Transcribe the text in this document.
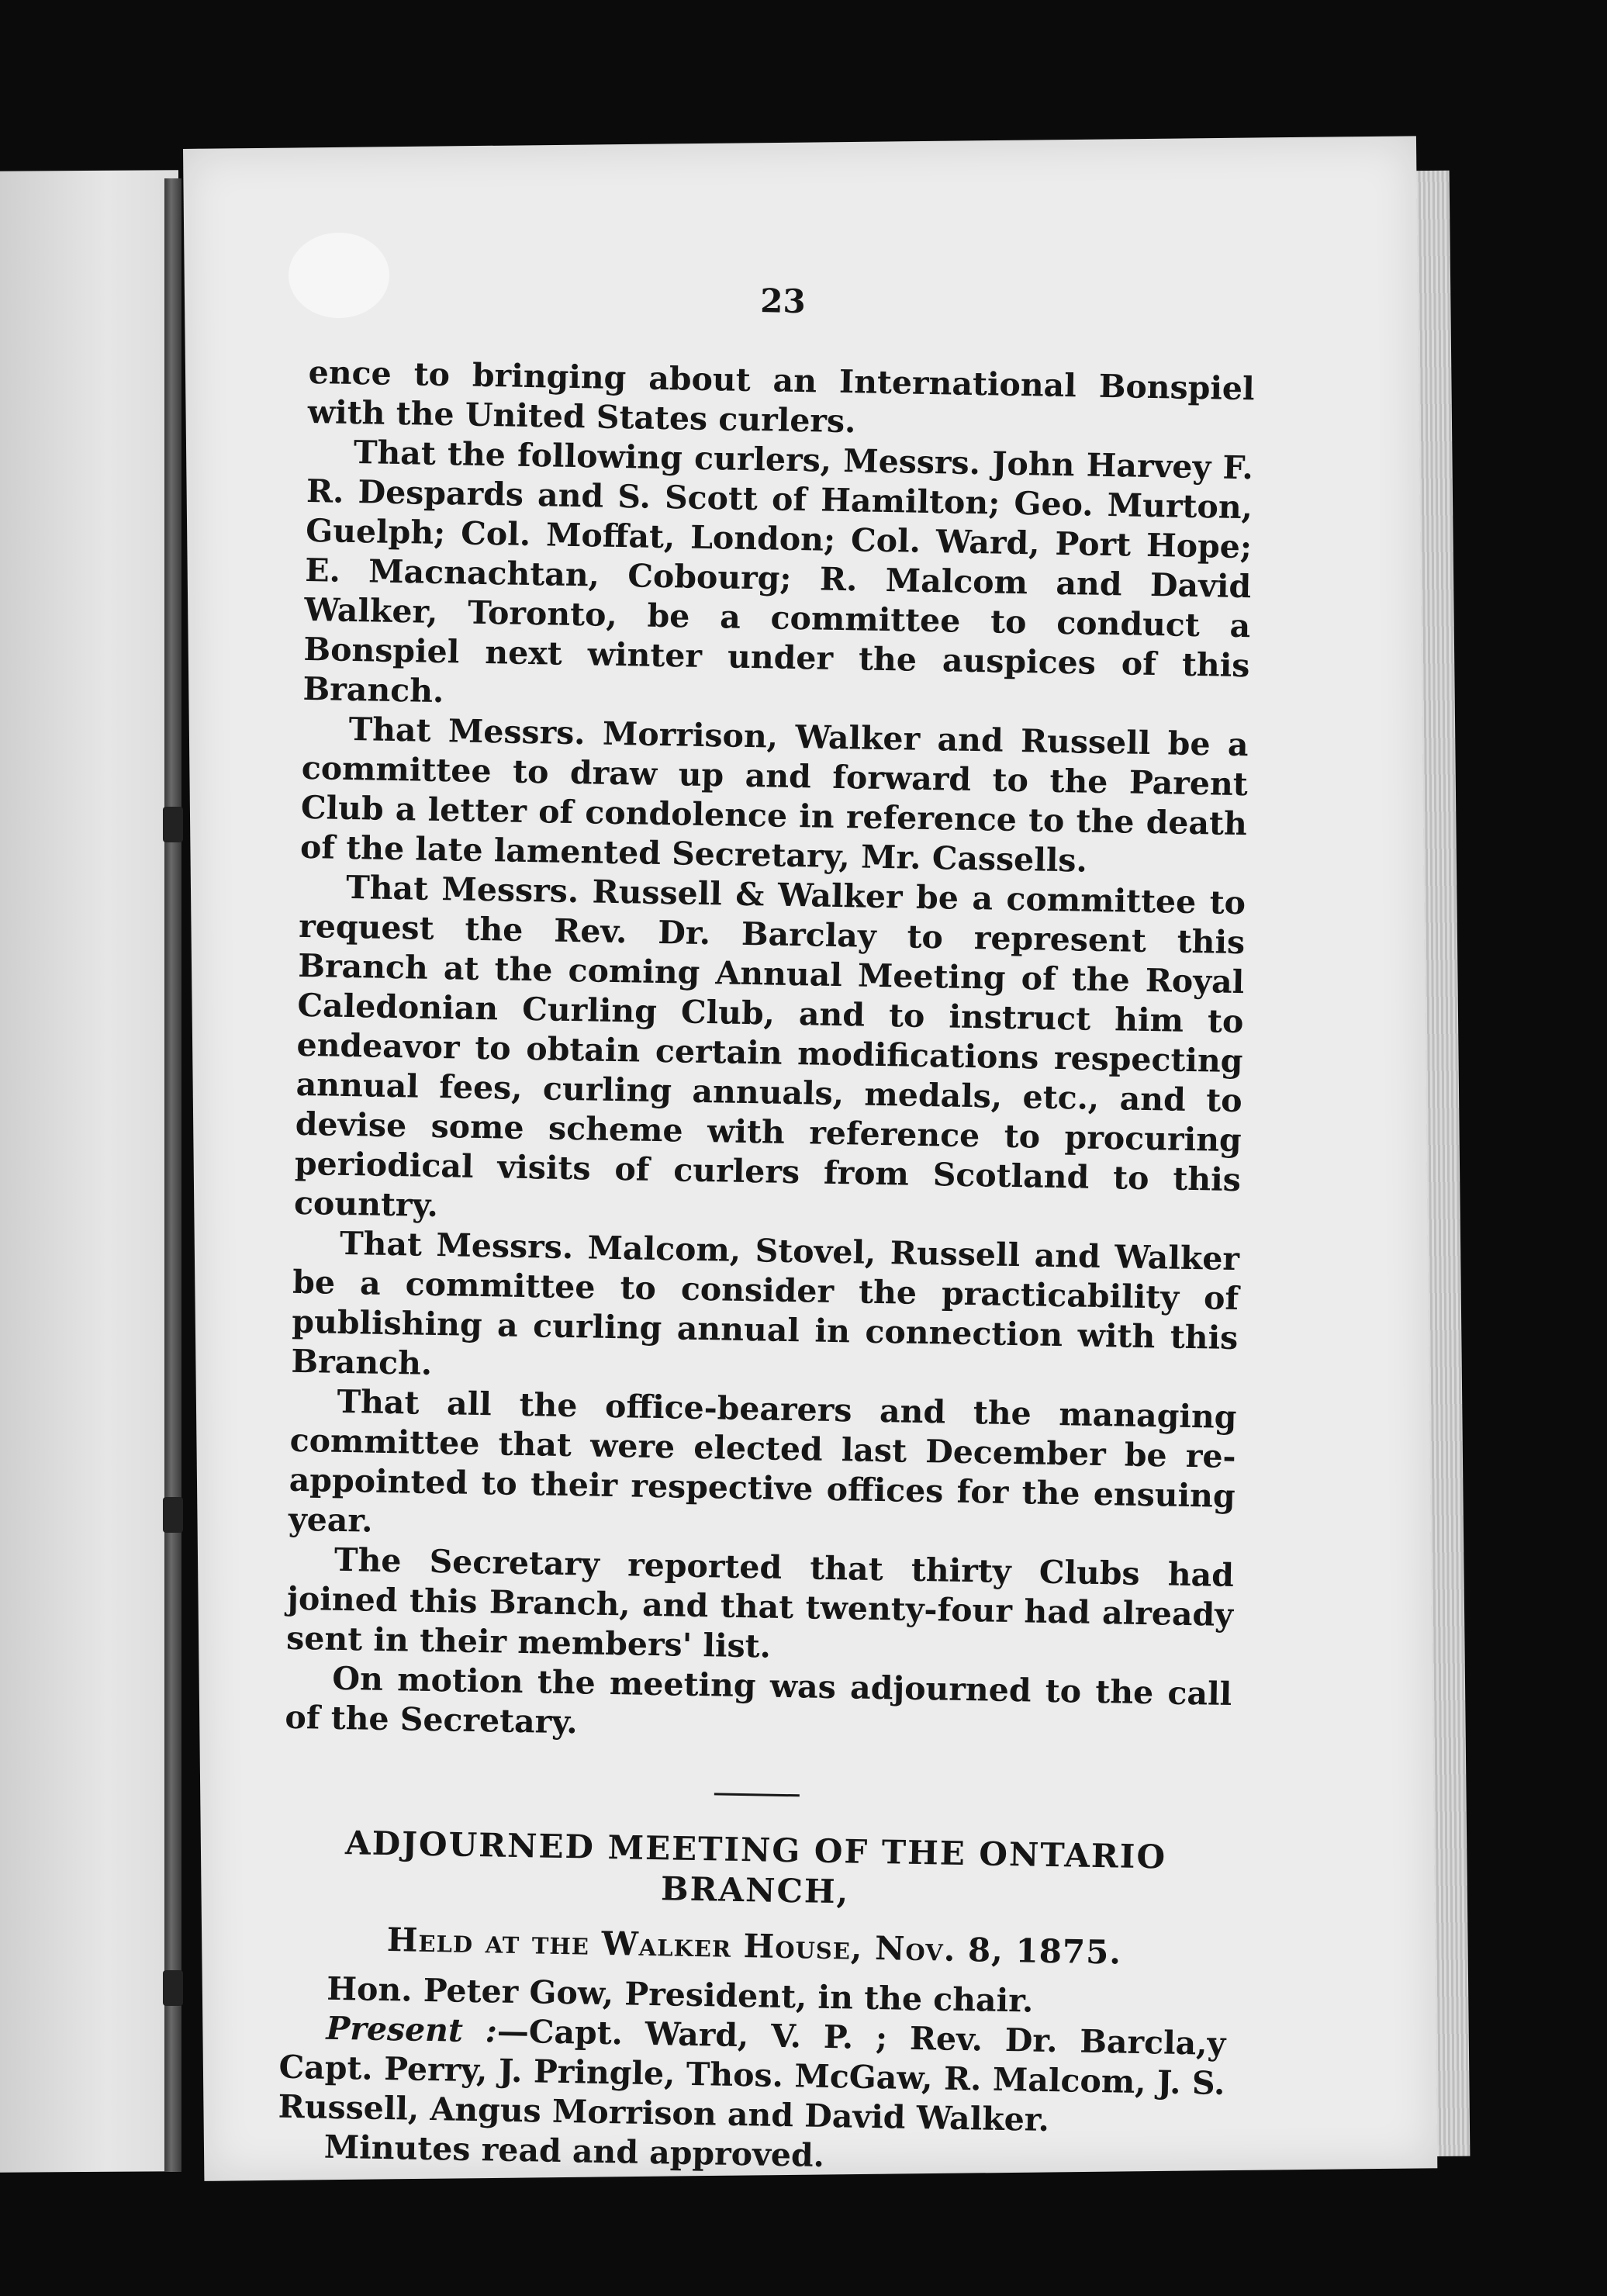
23

ence to bringing about an International Bonspiel with the United States curlers.

That the following curlers, Messrs. John Harvey F. R. Despards and S. Scott of Hamilton; Geo. Murton, Guelph; Col. Moffat, London; Col. Ward, Port Hope; E. Macnachtan, Cobourg; R. Malcom and David Walker, Toronto, be a committee to conduct a Bonspiel next winter under the auspices of this Branch.

That Messrs. Morrison, Walker and Russell be a committee to draw up and forward to the Parent Club a letter of condolence in reference to the death of the late lamented Secretary, Mr. Cassells.

That Messrs. Russell & Walker be a committee to request the Rev. Dr. Barclay to represent this Branch at the coming Annual Meeting of the Royal Caledonian Curling Club, and to instruct him to endeavor to obtain certain modifications respecting annual fees, curling annuals, medals, etc., and to devise some scheme with reference to procuring periodical visits of curlers from Scotland to this country.

That Messrs. Malcom, Stovel, Russell and Walker be a committee to consider the practicability of publishing a curling annual in connection with this Branch.

That all the office-bearers and the managing committee that were elected last December be re-appointed to their respective offices for the ensuing year.

The Secretary reported that thirty Clubs had joined this Branch, and that twenty-four had already sent in their members' list.

On motion the meeting was adjourned to the call of the Secretary.

ADJOURNED MEETING OF THE ONTARIO BRANCH,

Held at the Walker House, Nov. 8, 1875.

Hon. Peter Gow, President, in the chair.

Present :—Capt. Ward, V. P. ; Rev. Dr. Barcla,y Capt. Perry, J. Pringle, Thos. McGaw, R. Malcom, J. S. Russell, Angus Morrison and David Walker.

Minutes read and approved.
